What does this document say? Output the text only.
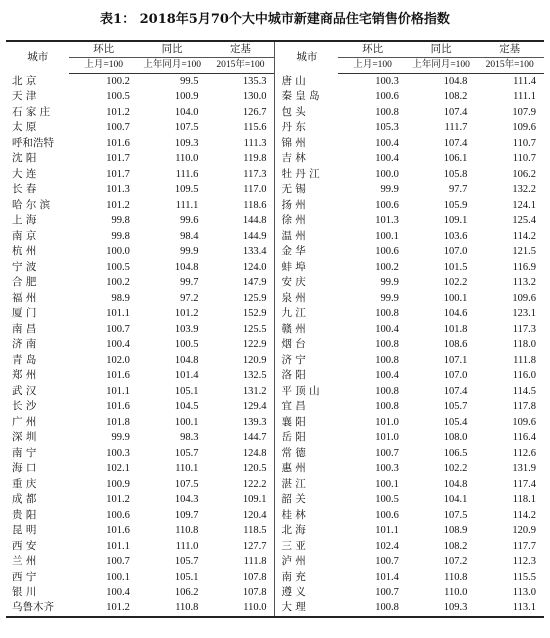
表1： 2018年5月70个大中城市新建商品住宅销售价格指数
城市	环比	同比	定基	城市	环比	同比	定基
	上月=100	上年同月=100	2015年=100		上月=100	上年同月=100	2015年=100
北 京	100.2	99.5	135.3	唐 山	100.3	104.8	111.4
天 津	100.5	100.9	130.0	秦 皇 岛	100.6	108.2	111.1
石 家 庄	101.2	104.0	126.7	包 头	100.8	107.4	107.9
太 原	100.7	107.5	115.6	丹 东	105.3	111.7	109.6
呼和浩特	101.6	109.3	111.3	锦 州	100.4	107.4	110.7
沈 阳	101.7	110.0	119.8	吉 林	100.4	106.1	110.7
大 连	101.7	111.6	117.3	牡 丹 江	100.0	105.8	106.2
长 春	101.3	109.5	117.0	无 锡	99.9	97.7	132.2
哈 尔 滨	101.2	111.1	118.6	扬 州	100.6	105.9	124.1
上 海	99.8	99.6	144.8	徐 州	101.3	109.1	125.4
南 京	99.8	98.4	144.9	温 州	100.1	103.6	114.2
杭 州	100.0	99.9	133.4	金 华	100.6	107.0	121.5
宁 波	100.5	104.8	124.0	蚌 埠	100.2	101.5	116.9
合 肥	100.2	99.7	147.9	安 庆	99.9	102.2	113.2
福 州	98.9	97.2	125.9	泉 州	99.9	100.1	109.6
厦 门	101.1	101.2	152.9	九 江	100.8	104.6	123.1
南 昌	100.7	103.9	125.5	赣 州	100.4	101.8	117.3
济 南	100.4	100.5	122.9	烟 台	100.8	108.6	118.0
青 岛	102.0	104.8	120.9	济 宁	100.8	107.1	111.8
郑 州	101.6	101.4	132.5	洛 阳	100.4	107.0	116.0
武 汉	101.1	105.1	131.2	平 顶 山	100.8	107.4	114.5
长 沙	101.6	104.5	129.4	宜 昌	100.8	105.7	117.8
广 州	101.8	100.1	139.3	襄 阳	101.0	105.4	109.6
深 圳	99.9	98.3	144.7	岳 阳	101.0	108.0	116.4
南 宁	100.3	105.7	124.8	常 德	100.7	106.5	112.6
海 口	102.1	110.1	120.5	惠 州	100.3	102.2	131.9
重 庆	100.9	107.5	122.2	湛 江	100.1	104.8	117.4
成 都	101.2	104.3	109.1	韶 关	100.5	104.1	118.1
贵 阳	100.6	109.7	120.4	桂 林	100.6	107.5	114.2
昆 明	101.6	110.8	118.5	北 海	101.1	108.9	120.9
西 安	101.1	111.0	127.7	三 亚	102.4	108.2	117.7
兰 州	100.7	105.7	111.8	泸 州	100.7	107.2	112.3
西 宁	100.1	105.1	107.8	南 充	101.4	110.8	115.5
银 川	100.4	106.2	107.8	遵 义	100.7	110.0	113.0
乌鲁木齐	101.2	110.8	110.0	大 理	100.8	109.3	113.1
